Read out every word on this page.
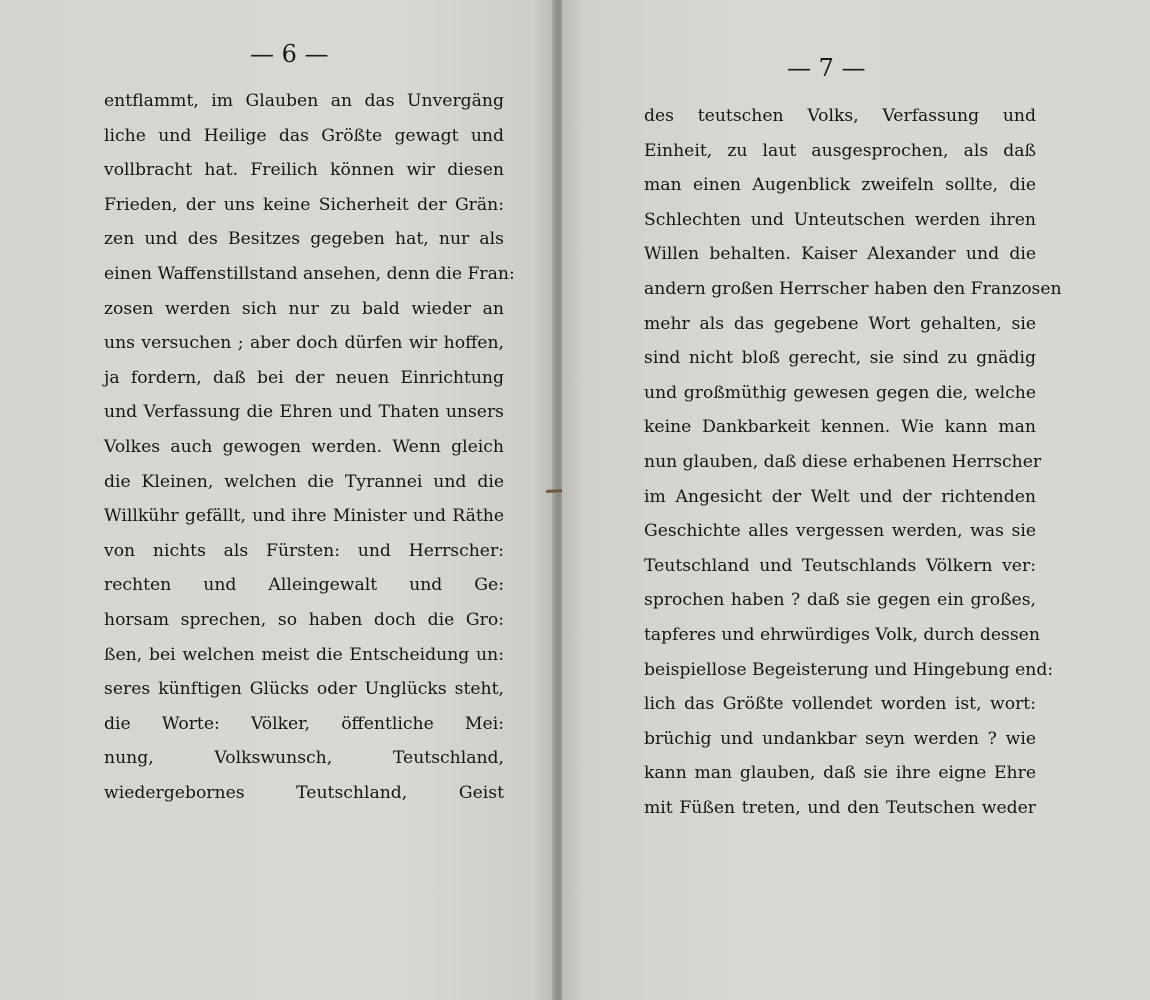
— 6 —
entflammt, im Glauben an das Unvergäng
liche und Heilige das Größte gewagt und
vollbracht hat. Freilich können wir diesen
Frieden, der uns keine Sicherheit der Grän:
zen und des Besitzes gegeben hat, nur als
einen Waffenstillstand ansehen, denn die Fran:
zosen werden sich nur zu bald wieder an
uns versuchen ; aber doch dürfen wir hoffen,
ja fordern, daß bei der neuen Einrichtung
und Verfassung die Ehren und Thaten unsers
Volkes auch gewogen werden. Wenn gleich
die Kleinen, welchen die Tyrannei und die
Willkühr gefällt, und ihre Minister und Räthe
von nichts als Fürsten: und Herrscher:
rechten und Alleingewalt und Ge:
horsam sprechen, so haben doch die Gro:
ßen, bei welchen meist die Entscheidung un:
seres künftigen Glücks oder Unglücks steht,
die Worte: Völker, öffentliche Mei:
nung, Volkswunsch, Teutschland,
wiedergebornes Teutschland, Geist
— 7 —
des teutschen Volks, Verfassung und
Einheit, zu laut ausgesprochen, als daß
man einen Augenblick zweifeln sollte, die
Schlechten und Unteutschen werden ihren
Willen behalten. Kaiser Alexander und die
andern großen Herrscher haben den Franzosen
mehr als das gegebene Wort gehalten, sie
sind nicht bloß gerecht, sie sind zu gnädig
und großmüthig gewesen gegen die, welche
keine Dankbarkeit kennen. Wie kann man
nun glauben, daß diese erhabenen Herrscher
im Angesicht der Welt und der richtenden
Geschichte alles vergessen werden, was sie
Teutschland und Teutschlands Völkern ver:
sprochen haben ? daß sie gegen ein großes,
tapferes und ehrwürdiges Volk, durch dessen
beispiellose Begeisterung und Hingebung end:
lich das Größte vollendet worden ist, wort:
brüchig und undankbar seyn werden ? wie
kann man glauben, daß sie ihre eigne Ehre
mit Füßen treten, und den Teutschen weder
